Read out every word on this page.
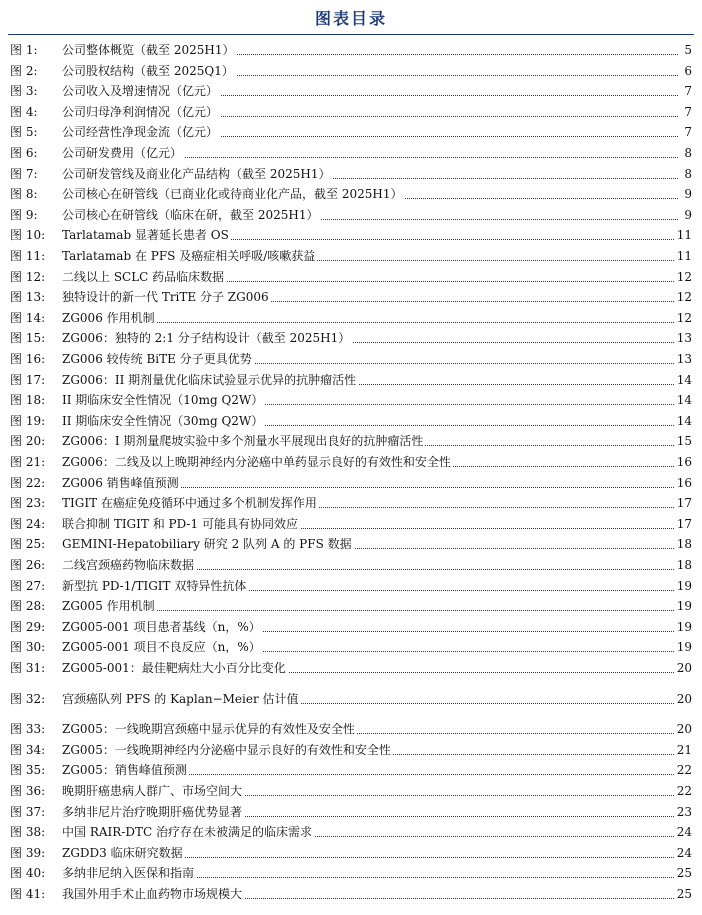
图表目录
图 1: 公司整体概览（截至 2025H1）	5
图 2: 公司股权结构（截至 2025Q1）	6
图 3: 公司收入及增速情况（亿元）	7
图 4: 公司归母净利润情况（亿元）	7
图 5: 公司经营性净现金流（亿元）	7
图 6: 公司研发费用（亿元）	8
图 7: 公司研发管线及商业化产品结构（截至 2025H1）	8
图 8: 公司核心在研管线（已商业化或待商业化产品，截至 2025H1）	9
图 9: 公司核心在研管线（临床在研，截至 2025H1）	9
图 10: Tarlatamab 显著延长患者 OS	11
图 11: Tarlatamab 在 PFS 及癌症相关呼吸/咳嗽获益	11
图 12: 二线以上 SCLC 药品临床数据	12
图 13: 独特设计的新一代 TriTE 分子 ZG006	12
图 14: ZG006 作用机制	12
图 15: ZG006：独特的 2:1 分子结构设计（截至 2025H1）	13
图 16: ZG006 较传统 BiTE 分子更具优势	13
图 17: ZG006：II 期剂量优化临床试验显示优异的抗肿瘤活性	14
图 18: II 期临床安全性情况（10mg Q2W）	14
图 19: II 期临床安全性情况（30mg Q2W）	14
图 20: ZG006：I 期剂量爬坡实验中多个剂量水平展现出良好的抗肿瘤活性	15
图 21: ZG006：二线及以上晚期神经内分泌癌中单药显示良好的有效性和安全性	16
图 22: ZG006 销售峰值预测	16
图 23: TIGIT 在癌症免疫循环中通过多个机制发挥作用	17
图 24: 联合抑制 TIGIT 和 PD-1 可能具有协同效应	17
图 25: GEMINI-Hepatobiliary 研究 2 队列 A 的 PFS 数据	18
图 26: 二线宫颈癌药物临床数据	18
图 27: 新型抗 PD-1/TIGIT 双特异性抗体	19
图 28: ZG005 作用机制	19
图 29: ZG005-001 项目患者基线（n，%）	19
图 30: ZG005-001 项目不良反应（n，%）	19
图 31: ZG005-001：最佳靶病灶大小百分比变化	20
图 32: 宫颈癌队列 PFS 的 Kaplan−Meier 估计值	20
图 33: ZG005：一线晚期宫颈癌中显示优异的有效性及安全性	20
图 34: ZG005：一线晚期神经内分泌癌中显示良好的有效性和安全性	21
图 35: ZG005：销售峰值预测	22
图 36: 晚期肝癌患病人群广、市场空间大	22
图 37: 多纳非尼片治疗晚期肝癌优势显著	23
图 38: 中国 RAIR-DTC 治疗存在未被满足的临床需求	24
图 39: ZGDD3 临床研究数据	24
图 40: 多纳非尼纳入医保和指南	25
图 41: 我国外用手术止血药物市场规模大	25
